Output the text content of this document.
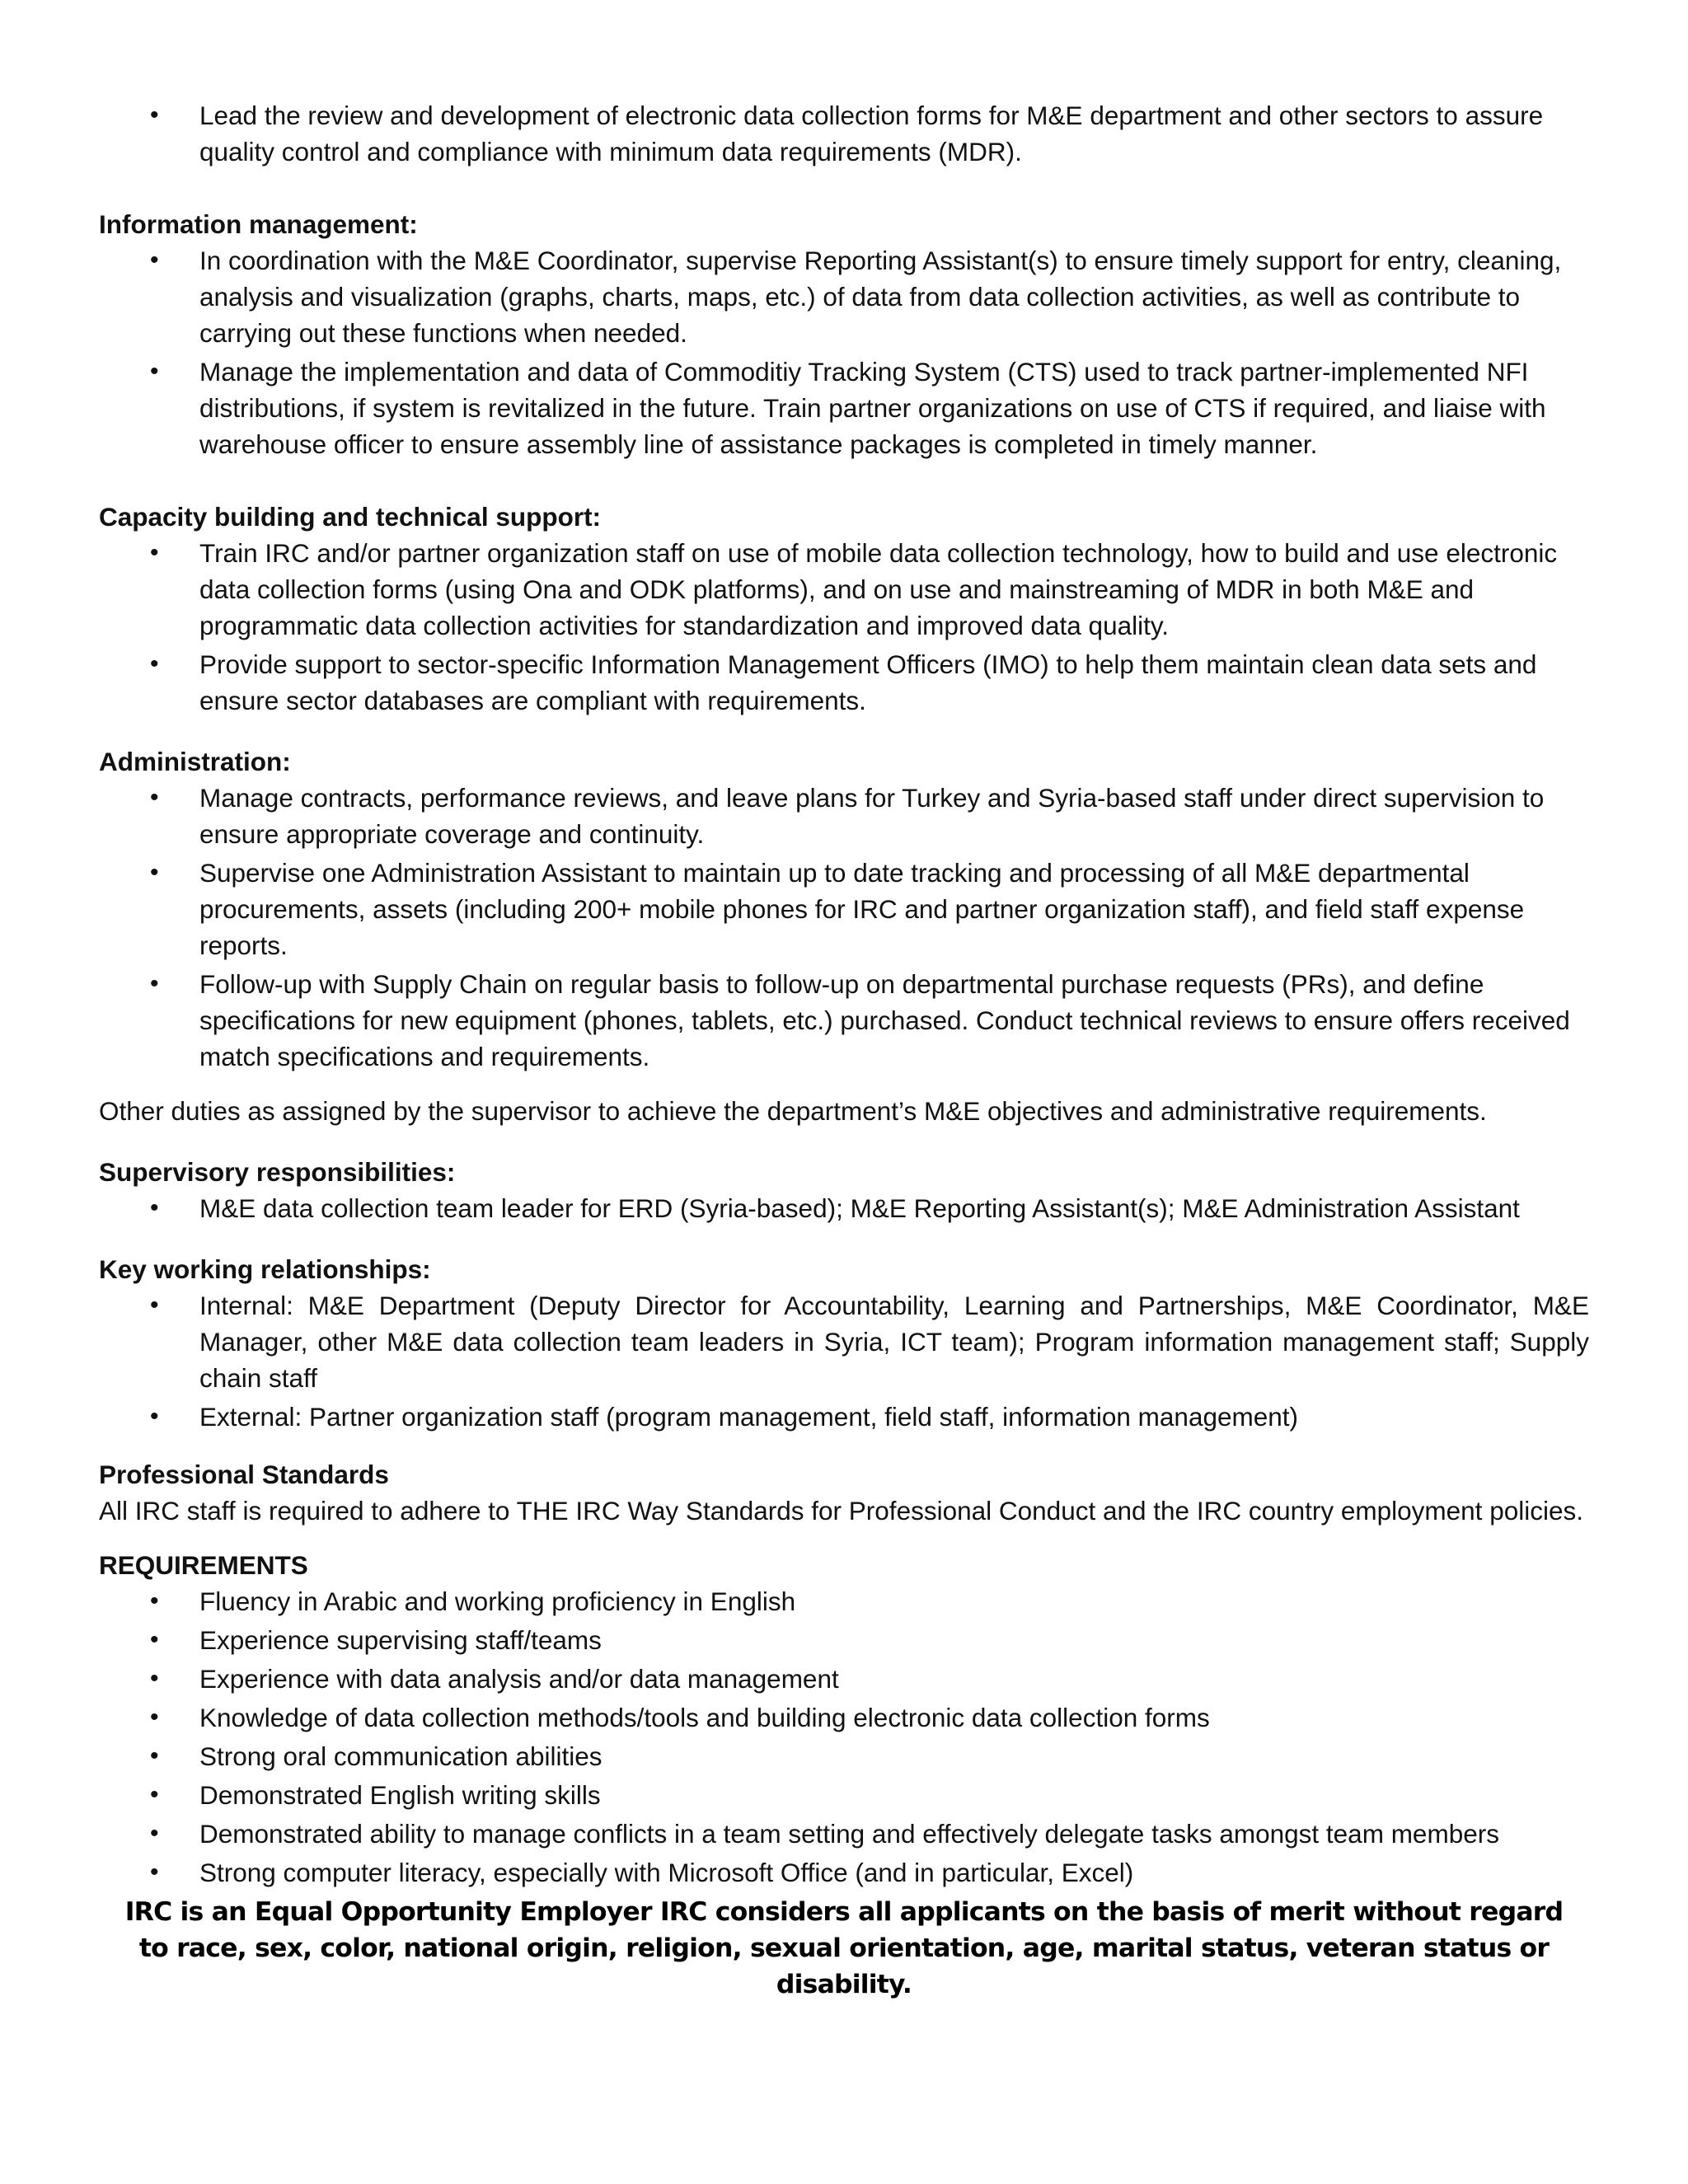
• Lead the review and development of electronic data collection forms for M&E department and other sectors to assure quality control and compliance with minimum data requirements (MDR).

Information management:

• In coordination with the M&E Coordinator, supervise Reporting Assistant(s) to ensure timely support for entry, cleaning, analysis and visualization (graphs, charts, maps, etc.) of data from data collection activities, as well as contribute to carrying out these functions when needed.
• Manage the implementation and data of Commoditiy Tracking System (CTS) used to track partner-implemented NFI distributions, if system is revitalized in the future. Train partner organizations on use of CTS if required, and liaise with warehouse officer to ensure assembly line of assistance packages is completed in timely manner.

Capacity building and technical support:

• Train IRC and/or partner organization staff on use of mobile data collection technology, how to build and use electronic data collection forms (using Ona and ODK platforms), and on use and mainstreaming of MDR in both M&E and programmatic data collection activities for standardization and improved data quality.
• Provide support to sector-specific Information Management Officers (IMO) to help them maintain clean data sets and ensure sector databases are compliant with requirements.

Administration:

• Manage contracts, performance reviews, and leave plans for Turkey and Syria-based staff under direct supervision to ensure appropriate coverage and continuity.
• Supervise one Administration Assistant to maintain up to date tracking and processing of all M&E departmental procurements, assets (including 200+ mobile phones for IRC and partner organization staff), and field staff expense reports.
• Follow-up with Supply Chain on regular basis to follow-up on departmental purchase requests (PRs), and define specifications for new equipment (phones, tablets, etc.) purchased. Conduct technical reviews to ensure offers received match specifications and requirements.

Other duties as assigned by the supervisor to achieve the department’s M&E objectives and administrative requirements.

Supervisory responsibilities:

• M&E data collection team leader for ERD (Syria-based); M&E Reporting Assistant(s); M&E Administration Assistant

Key working relationships:

• Internal: M&E Department (Deputy Director for Accountability, Learning and Partnerships, M&E Coordinator, M&E Manager, other M&E data collection team leaders in Syria, ICT team); Program information management staff; Supply chain staff
• External: Partner organization staff (program management, field staff, information management)

Professional Standards

All IRC staff is required to adhere to THE IRC Way Standards for Professional Conduct and the IRC country employment policies.

REQUIREMENTS

• Fluency in Arabic and working proficiency in English
• Experience supervising staff/teams
• Experience with data analysis and/or data management
• Knowledge of data collection methods/tools and building electronic data collection forms
• Strong oral communication abilities
• Demonstrated English writing skills
• Demonstrated ability to manage conflicts in a team setting and effectively delegate tasks amongst team members
• Strong computer literacy, especially with Microsoft Office (and in particular, Excel)

IRC is an Equal Opportunity Employer IRC considers all applicants on the basis of merit without regard to race, sex, color, national origin, religion, sexual orientation, age, marital status, veteran status or disability.
